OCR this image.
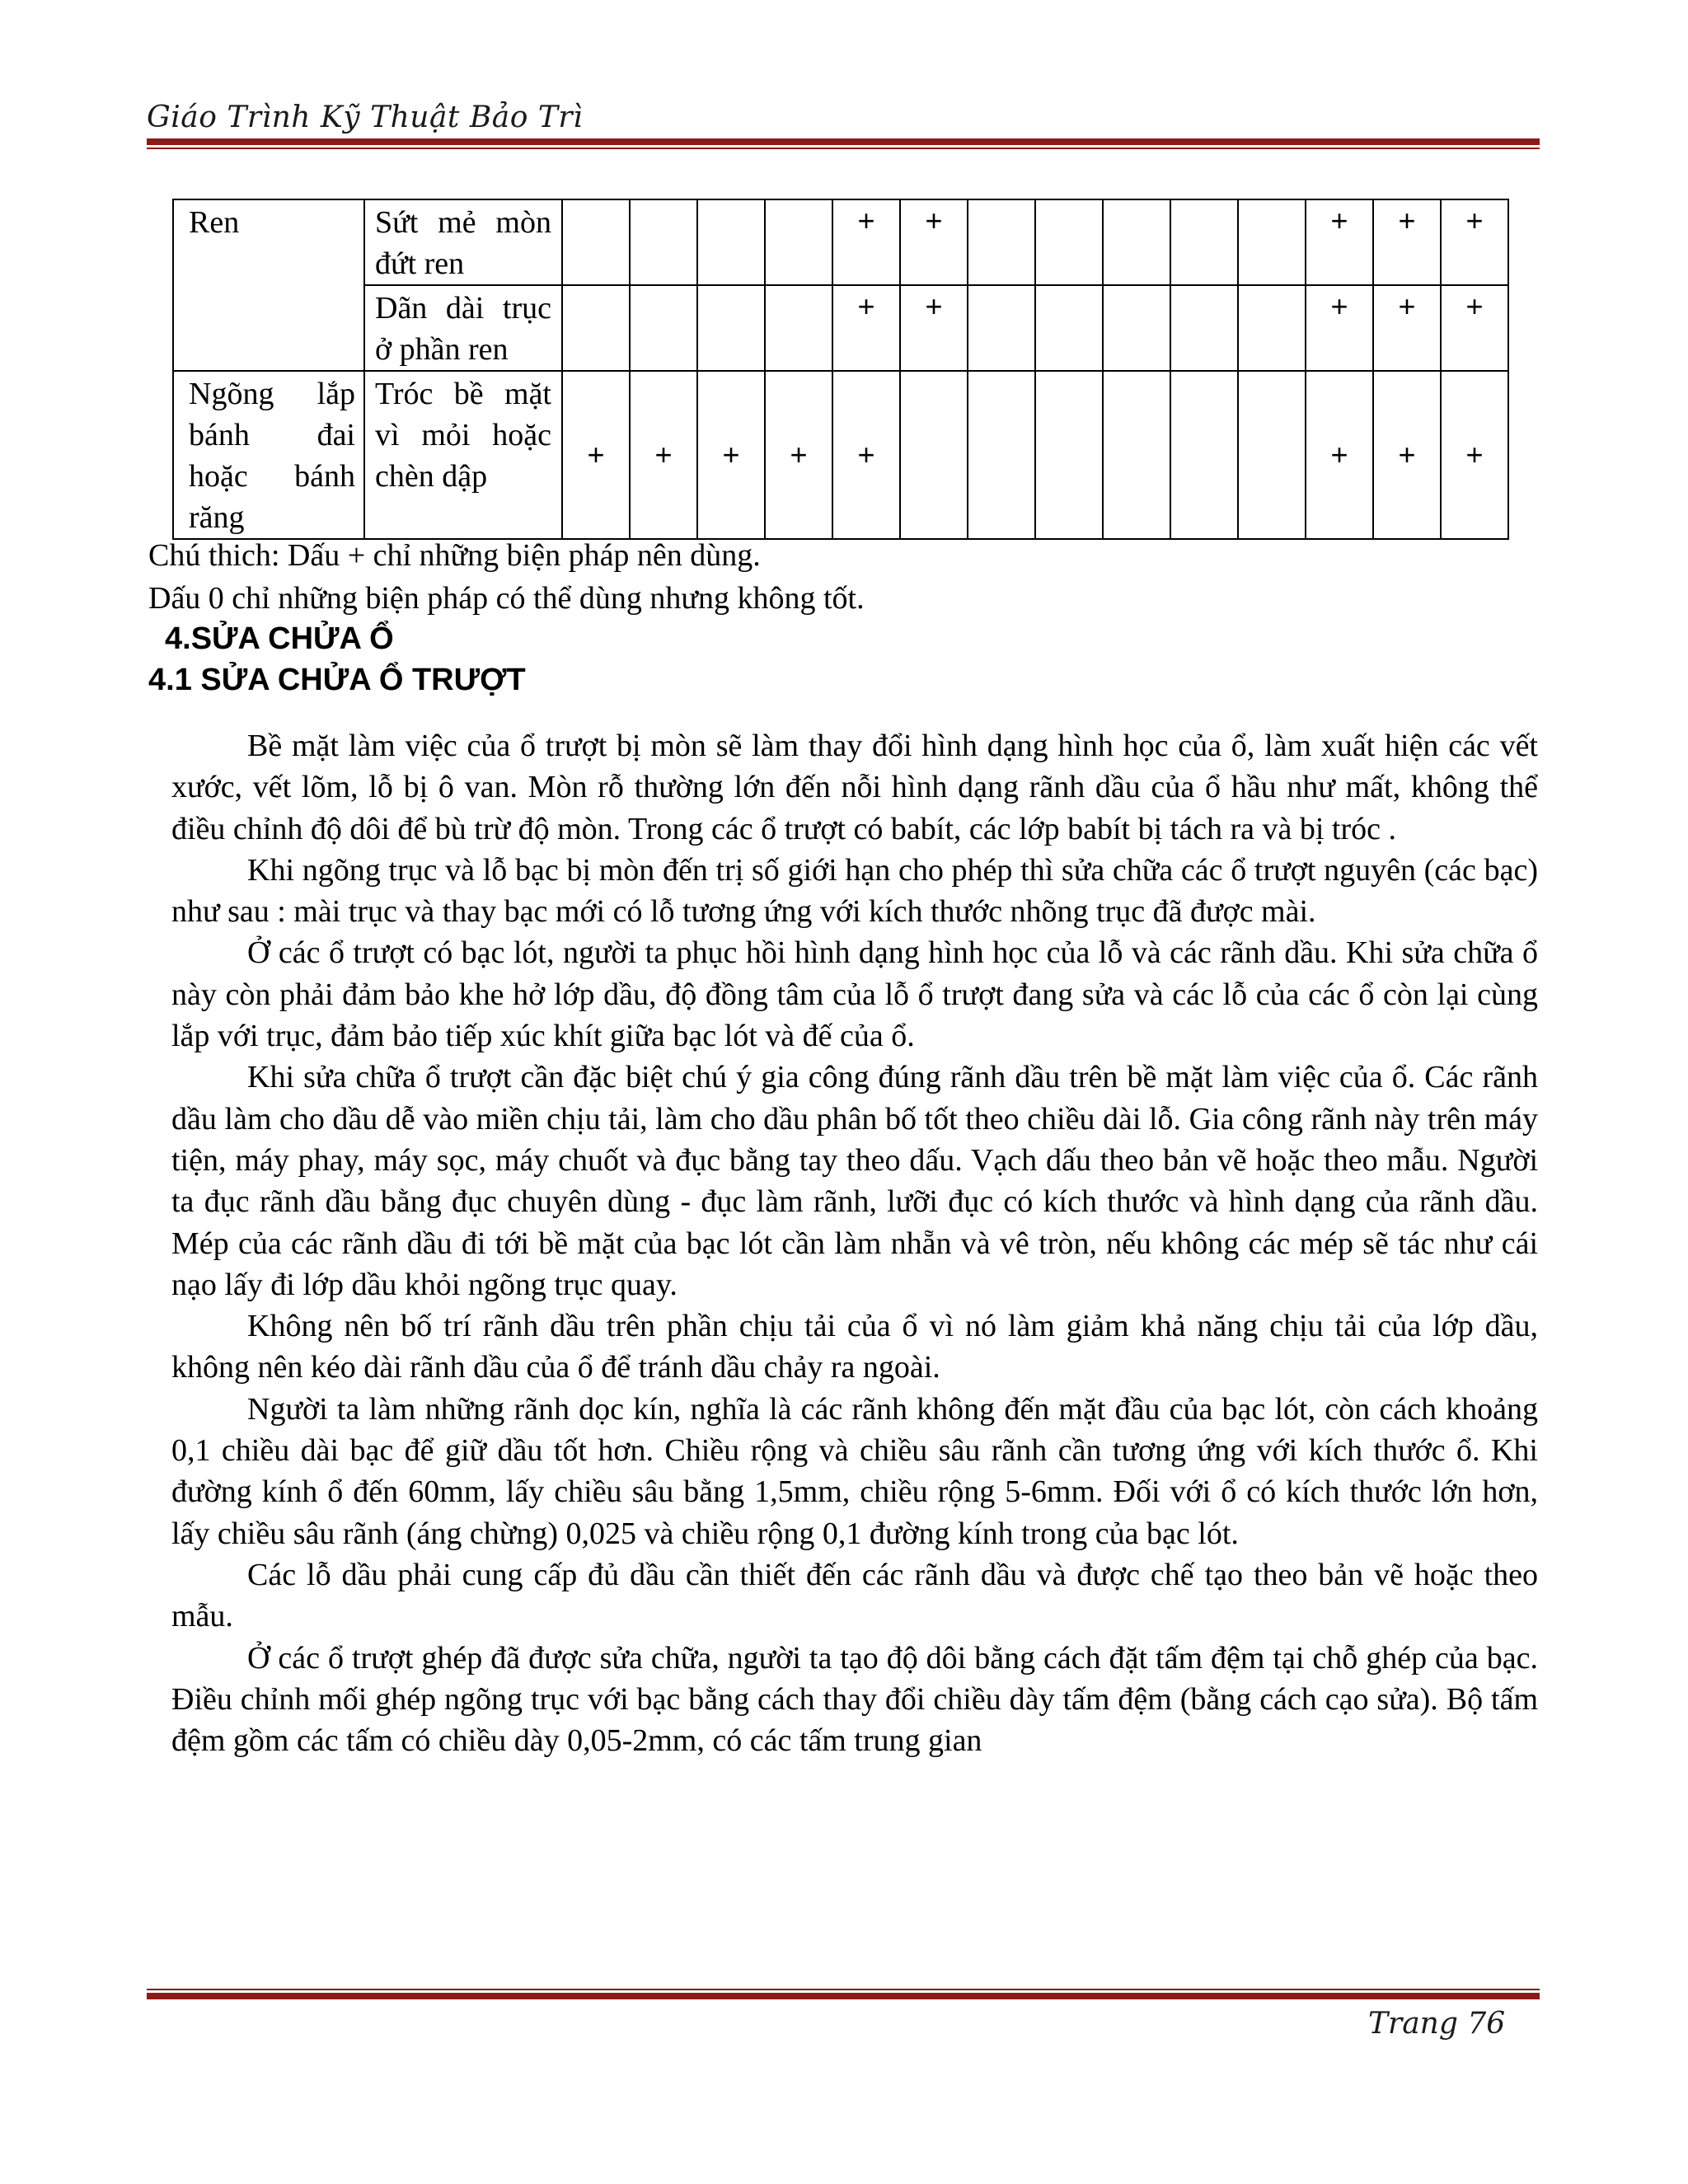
Giáo Trình Kỹ Thuật Bảo Trì
Ren	Sứt mẻ mòn đứt ren					+	+						+	+	+
	Dãn dài trục ở phần ren					+	+						+	+	+
Ngõng lắp bánh đai hoặc bánh răng	Tróc bề mặt vì mỏi hoặc chèn dập	+	+	+	+	+							+	+	+
Chú thich: Dấu + chỉ những biện pháp nên dùng.
Dấu 0 chỉ những biện pháp có thể dùng nhưng không tốt.
4.SỬA CHỬA Ổ
4.1 SỬA CHỬA Ổ TRƯỢT

Bề mặt làm việc của ổ trượt bị mòn sẽ làm thay đổi hình dạng hình học của ổ, làm xuất hiện các vết xước, vết lõm, lỗ bị ô van. Mòn rỗ thường lớn đến nỗi hình dạng rãnh dầu của ổ hầu như mất, không thể điều chỉnh độ dôi để bù trừ độ mòn. Trong các ổ trượt có babít, các lớp babít bị tách ra và bị tróc .

Khi ngõng trục và lỗ bạc bị mòn đến trị số giới hạn cho phép thì sửa chữa các ổ trượt nguyên (các bạc) như sau : mài trục và thay bạc mới có lỗ tương ứng với kích thước nhõng trục đã được mài.

Ở các ổ trượt có bạc lót, người ta phục hồi hình dạng hình học của lỗ và các rãnh dầu. Khi sửa chữa ổ này còn phải đảm bảo khe hở lớp dầu, độ đồng tâm của lỗ ổ trượt đang sửa và các lỗ của các ổ còn lại cùng lắp với trục, đảm bảo tiếp xúc khít giữa bạc lót và đế của ổ.

Khi sửa chữa ổ trượt cần đặc biệt chú ý gia công đúng rãnh dầu trên bề mặt làm việc của ổ. Các rãnh dầu làm cho dầu dễ vào miền chịu tải, làm cho dầu phân bố tốt theo chiều dài lỗ. Gia công rãnh này trên máy tiện, máy phay, máy sọc, máy chuốt và đục bằng tay theo dấu. Vạch dấu theo bản vẽ hoặc theo mẫu. Người ta đục rãnh dầu bằng đục chuyên dùng - đục làm rãnh, lưỡi đục có kích thước và hình dạng của rãnh dầu. Mép của các rãnh dầu đi tới bề mặt của bạc lót cần làm nhẵn và vê tròn, nếu không các mép sẽ tác như cái nạo lấy đi lớp dầu khỏi ngõng trục quay.

Không nên bố trí rãnh dầu trên phần chịu tải của ổ vì nó làm giảm khả năng chịu tải của lớp dầu, không nên kéo dài rãnh dầu của ổ để tránh dầu chảy ra ngoài.

Người ta làm những rãnh dọc kín, nghĩa là các rãnh không đến mặt đầu của bạc lót, còn cách khoảng 0,1 chiều dài bạc để giữ dầu tốt hơn. Chiều rộng và chiều sâu rãnh cần tương ứng với kích thước ổ. Khi đường kính ổ đến 60mm, lấy chiều sâu bằng 1,5mm, chiều rộng 5-6mm. Đối với ổ có kích thước lớn hơn, lấy chiều sâu rãnh (áng chừng) 0,025 và chiều rộng 0,1 đường kính trong của bạc lót.

Các lỗ dầu phải cung cấp đủ dầu cần thiết đến các rãnh dầu và được chế tạo theo bản vẽ hoặc theo mẫu.

Ở các ổ trượt ghép đã được sửa chữa, người ta tạo độ dôi bằng cách đặt tấm đệm tại chỗ ghép của bạc. Điều chỉnh mối ghép ngõng trục với bạc bằng cách thay đổi chiều dày tấm đệm (bằng cách cạo sửa). Bộ tấm đệm gồm các tấm có chiều dày 0,05-2mm, có các tấm trung gian

Trang 76
